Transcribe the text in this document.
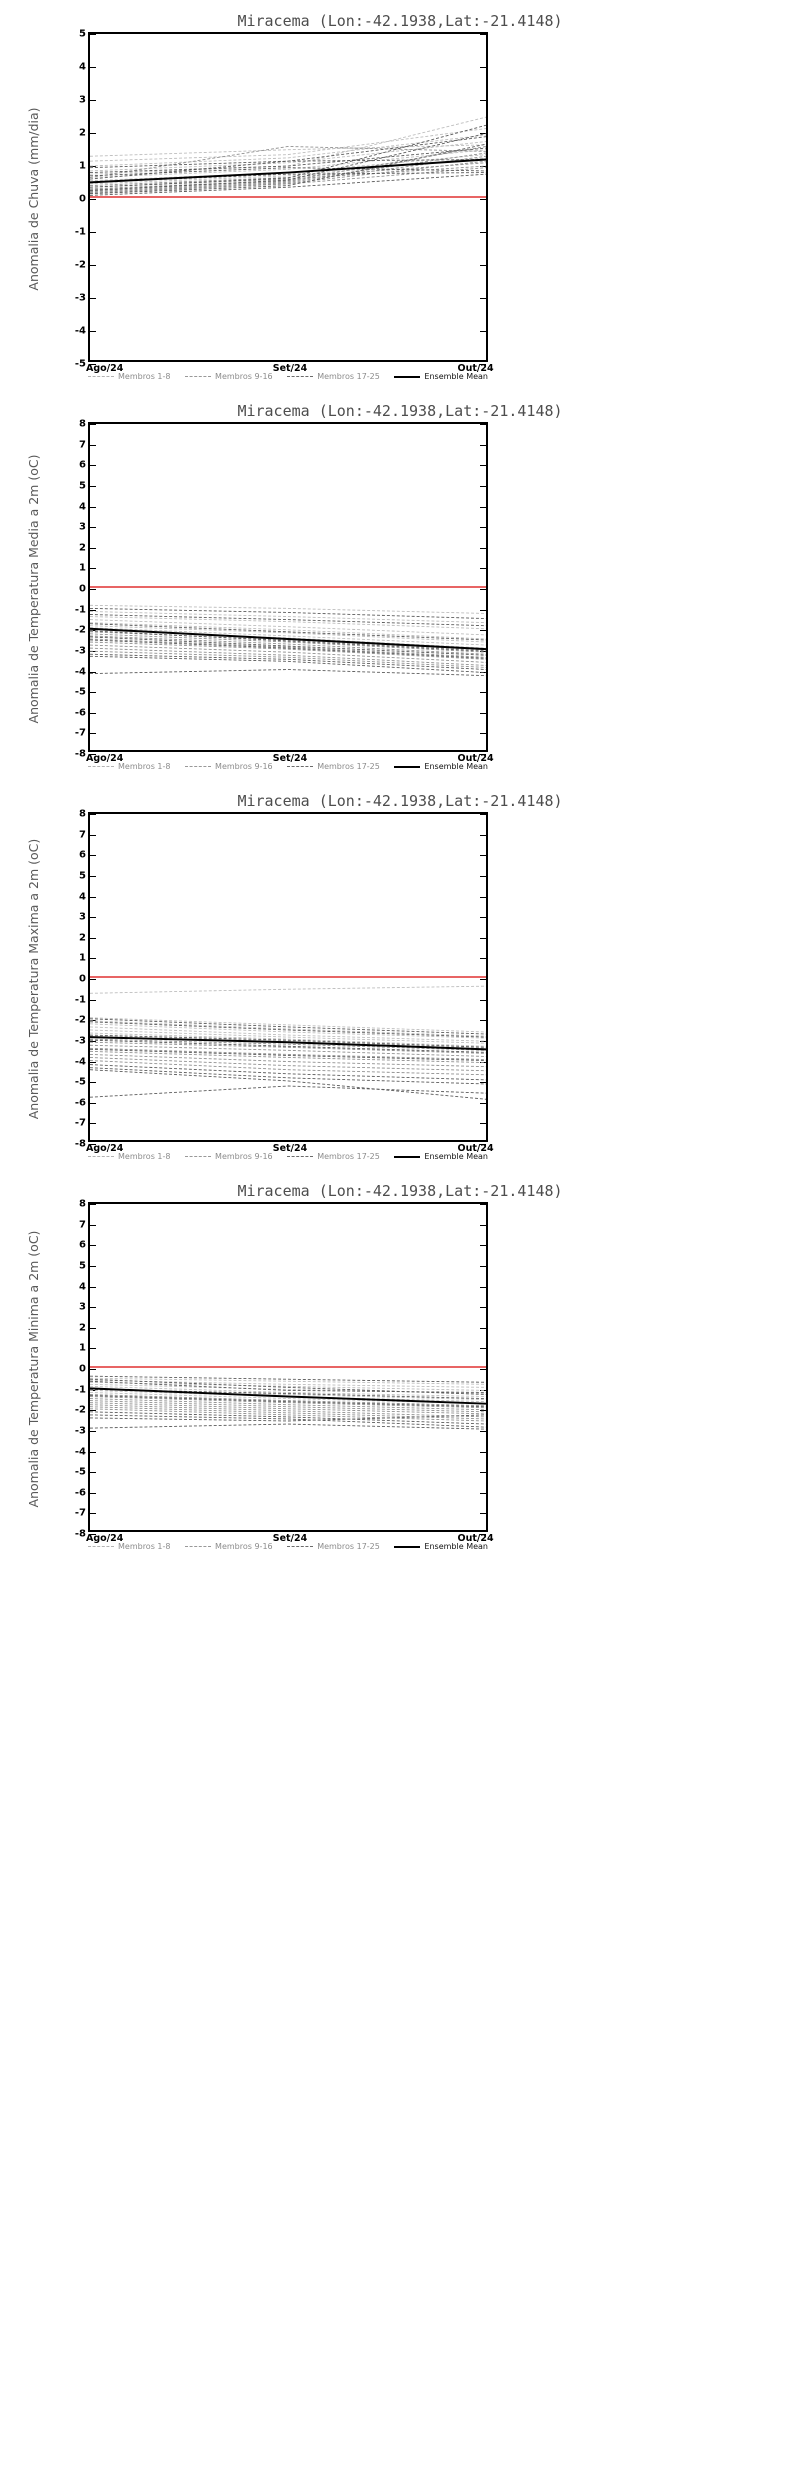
Miracema (Lon:-42.1938,Lat:-21.4148)
Anomalia de Chuva (mm/dia)
-5
-4
-3
-2
-1
0
1
2
3
4
5
Ago/24	Set/24	Out/24
Membros 1-8	Membros 9-16	Membros 17-25	Ensemble Mean
Miracema (Lon:-42.1938,Lat:-21.4148)
Anomalia de Temperatura Media a 2m (oC)
-8
-7
-6
-5
-4
-3
-2
-1
0
1
2
3
4
5
6
7
8
Ago/24	Set/24	Out/24
Membros 1-8	Membros 9-16	Membros 17-25	Ensemble Mean
Miracema (Lon:-42.1938,Lat:-21.4148)
Anomalia de Temperatura Maxima a 2m (oC)
-8
-7
-6
-5
-4
-3
-2
-1
0
1
2
3
4
5
6
7
8
Ago/24	Set/24	Out/24
Membros 1-8	Membros 9-16	Membros 17-25	Ensemble Mean
Miracema (Lon:-42.1938,Lat:-21.4148)
Anomalia de Temperatura Minima a 2m (oC)
-8
-7
-6
-5
-4
-3
-2
-1
0
1
2
3
4
5
6
7
8
Ago/24	Set/24	Out/24
Membros 1-8	Membros 9-16	Membros 17-25	Ensemble Mean
